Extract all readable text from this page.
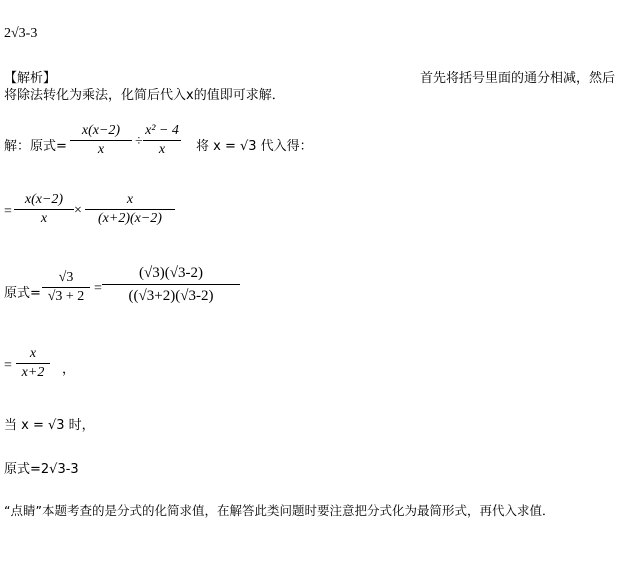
2√3-3
【解析】	首先将括号里面的通分相减，然后
将除法转化为乘法，化简后代入x的值即可求解．
解：原式=
x(x−2)
x
÷
x² − 4
x	将 x = √3 代入得：
=
x(x−2)
x
×
x
(x+2)(x−2)
原式=
√3
√3 + 2
=
(√3)(√3-2)
((√3+2)(√3-2)
=
x
x+2	，
当 x = √3 时，
原式=2√3-3
“点睛”本题考查的是分式的化简求值，在解答此类问题时要注意把分式化为最简形式，再代入求值．
